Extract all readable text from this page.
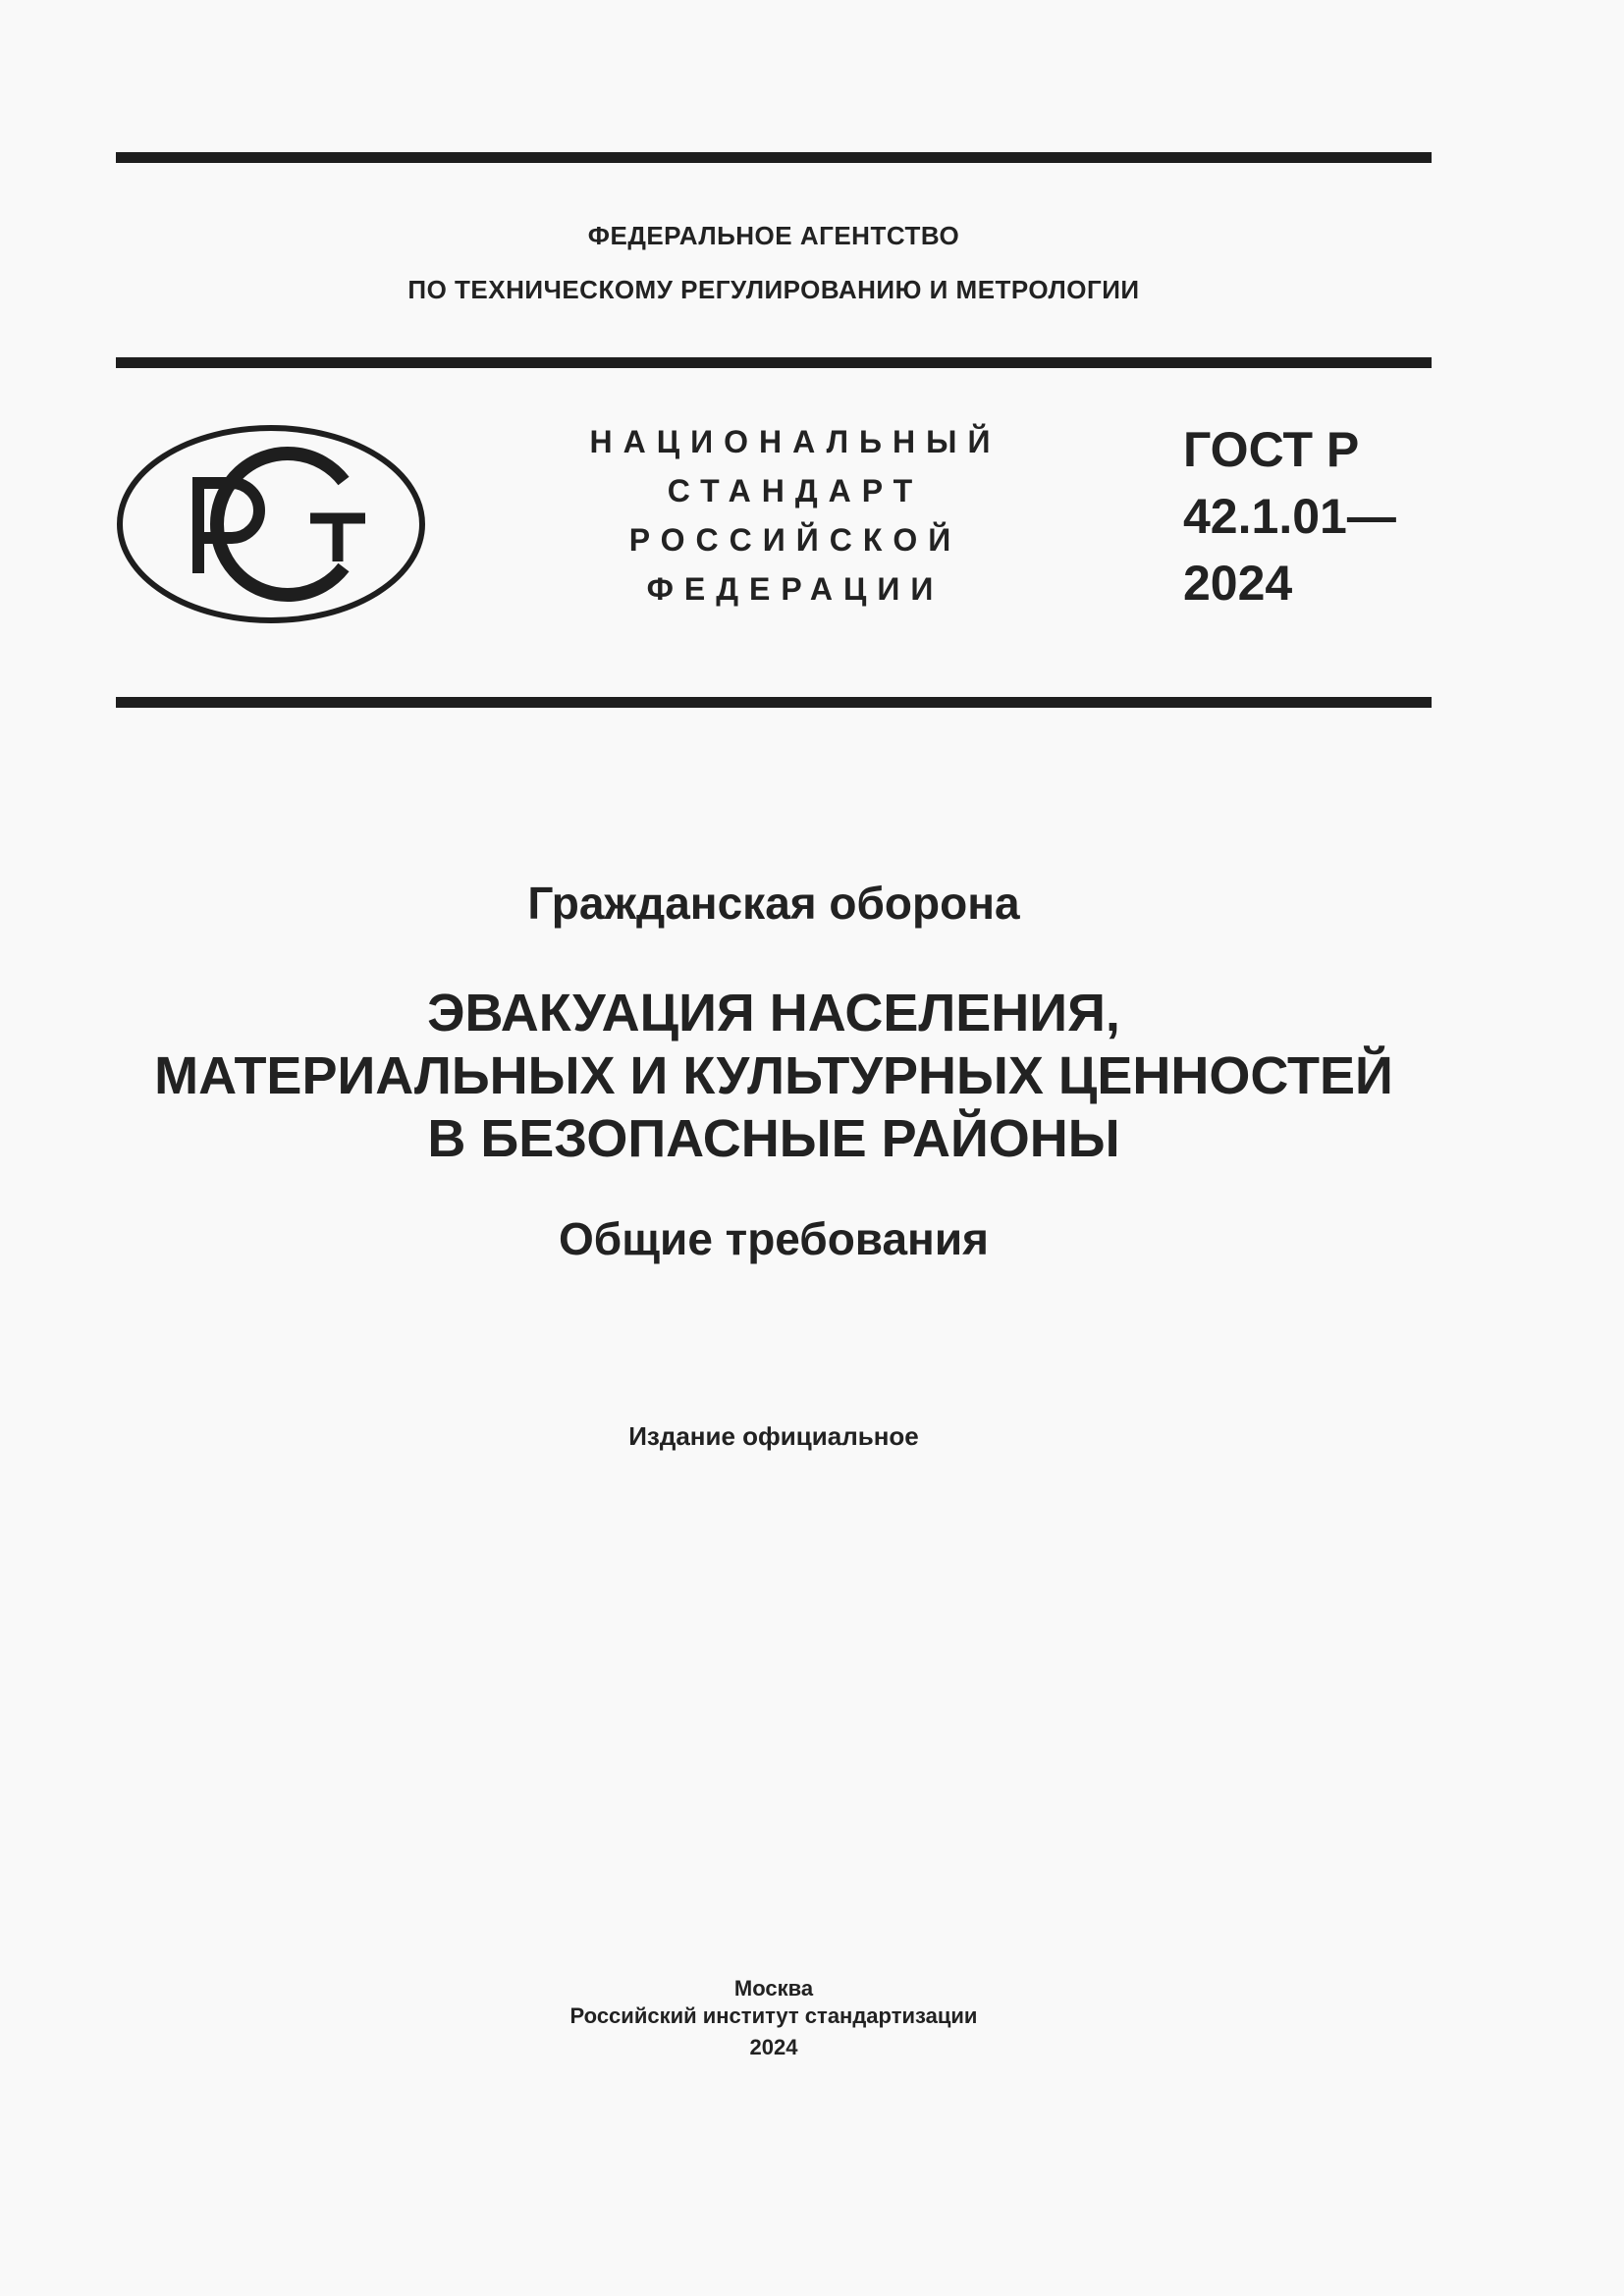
ФЕДЕРАЛЬНОЕ АГЕНТСТВО
ПО ТЕХНИЧЕСКОМУ РЕГУЛИРОВАНИЮ И МЕТРОЛОГИИ
НАЦИОНАЛЬНЫЙ
СТАНДАРТ
РОССИЙСКОЙ
ФЕДЕРАЦИИ
ГОСТ Р
42.1.01—
2024
Гражданская оборона
ЭВАКУАЦИЯ НАСЕЛЕНИЯ,
МАТЕРИАЛЬНЫХ И КУЛЬТУРНЫХ ЦЕННОСТЕЙ
В БЕЗОПАСНЫЕ РАЙОНЫ
Общие требования
Издание официальное
Москва
Российский институт стандартизации
2024
